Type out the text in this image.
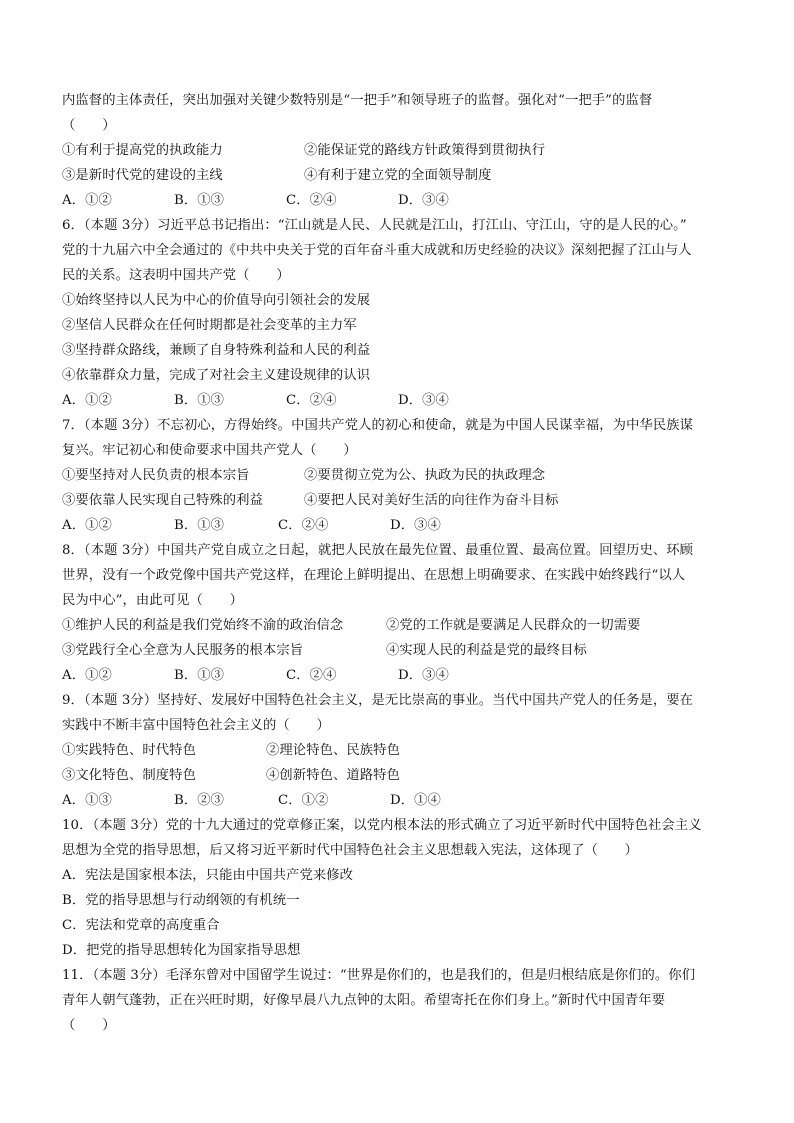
内监督的主体责任，突出加强对关键少数特别是“一把手”和领导班子的监督。强化对“一把手”的监督
（　　）
①有利于提高党的执政能力	②能保证党的路线方针政策得到贯彻执行
③是新时代党的建设的主线	④有利于建立党的全面领导制度
A．①②	B．①③	C．②④	D．③④
6．（本题 3分）习近平总书记指出：“江山就是人民、人民就是江山，打江山、守江山，守的是人民的心。”
党的十九届六中全会通过的《中共中央关于党的百年奋斗重大成就和历史经验的决议》深刻把握了江山与人
民的关系。这表明中国共产党（　　）
①始终坚持以人民为中心的价值导向引领社会的发展
②坚信人民群众在任何时期都是社会变革的主力军
③坚持群众路线，兼顾了自身特殊利益和人民的利益
④依靠群众力量，完成了对社会主义建设规律的认识
A．①②	B．①③	C．②④	D．③④
7．（本题 3分）不忘初心，方得始终。中国共产党人的初心和使命，就是为中国人民谋幸福，为中华民族谋
复兴。牢记初心和使命要求中国共产党人（　　）
①要坚持对人民负责的根本宗旨	②要贯彻立党为公、执政为民的执政理念
③要依靠人民实现自己特殊的利益	④要把人民对美好生活的向往作为奋斗目标
A．①②	B．①③	C．②④	D．③④
8．（本题 3分）中国共产党自成立之日起，就把人民放在最先位置、最重位置、最高位置。回望历史、环顾
世界，没有一个政党像中国共产党这样，在理论上鲜明提出、在思想上明确要求、在实践中始终践行“以人
民为中心”，由此可见（　　）
①维护人民的利益是我们党始终不渝的政治信念	②党的工作就是要满足人民群众的一切需要
③党践行全心全意为人民服务的根本宗旨	④实现人民的利益是党的最终目标
A．①②	B．①③	C．②④	D．③④
9．（本题 3分）坚持好、发展好中国特色社会主义，是无比崇高的事业。当代中国共产党人的任务是，要在
实践中不断丰富中国特色社会主义的（　　）
①实践特色、时代特色	②理论特色、民族特色
③文化特色、制度特色	④创新特色、道路特色
A．①③	B．②③	C．①②	D．①④
10．（本题 3分）党的十九大通过的党章修正案，以党内根本法的形式确立了习近平新时代中国特色社会主义
思想为全党的指导思想，后又将习近平新时代中国特色社会主义思想载入宪法，这体现了（　　）
A．宪法是国家根本法，只能由中国共产党来修改
B．党的指导思想与行动纲领的有机统一
C．宪法和党章的高度重合
D．把党的指导思想转化为国家指导思想
11．（本题 3分）毛泽东曾对中国留学生说过：“世界是你们的，也是我们的，但是归根结底是你们的。你们
青年人朝气蓬勃，正在兴旺时期，好像早晨八九点钟的太阳。希望寄托在你们身上。”新时代中国青年要
（　　）
